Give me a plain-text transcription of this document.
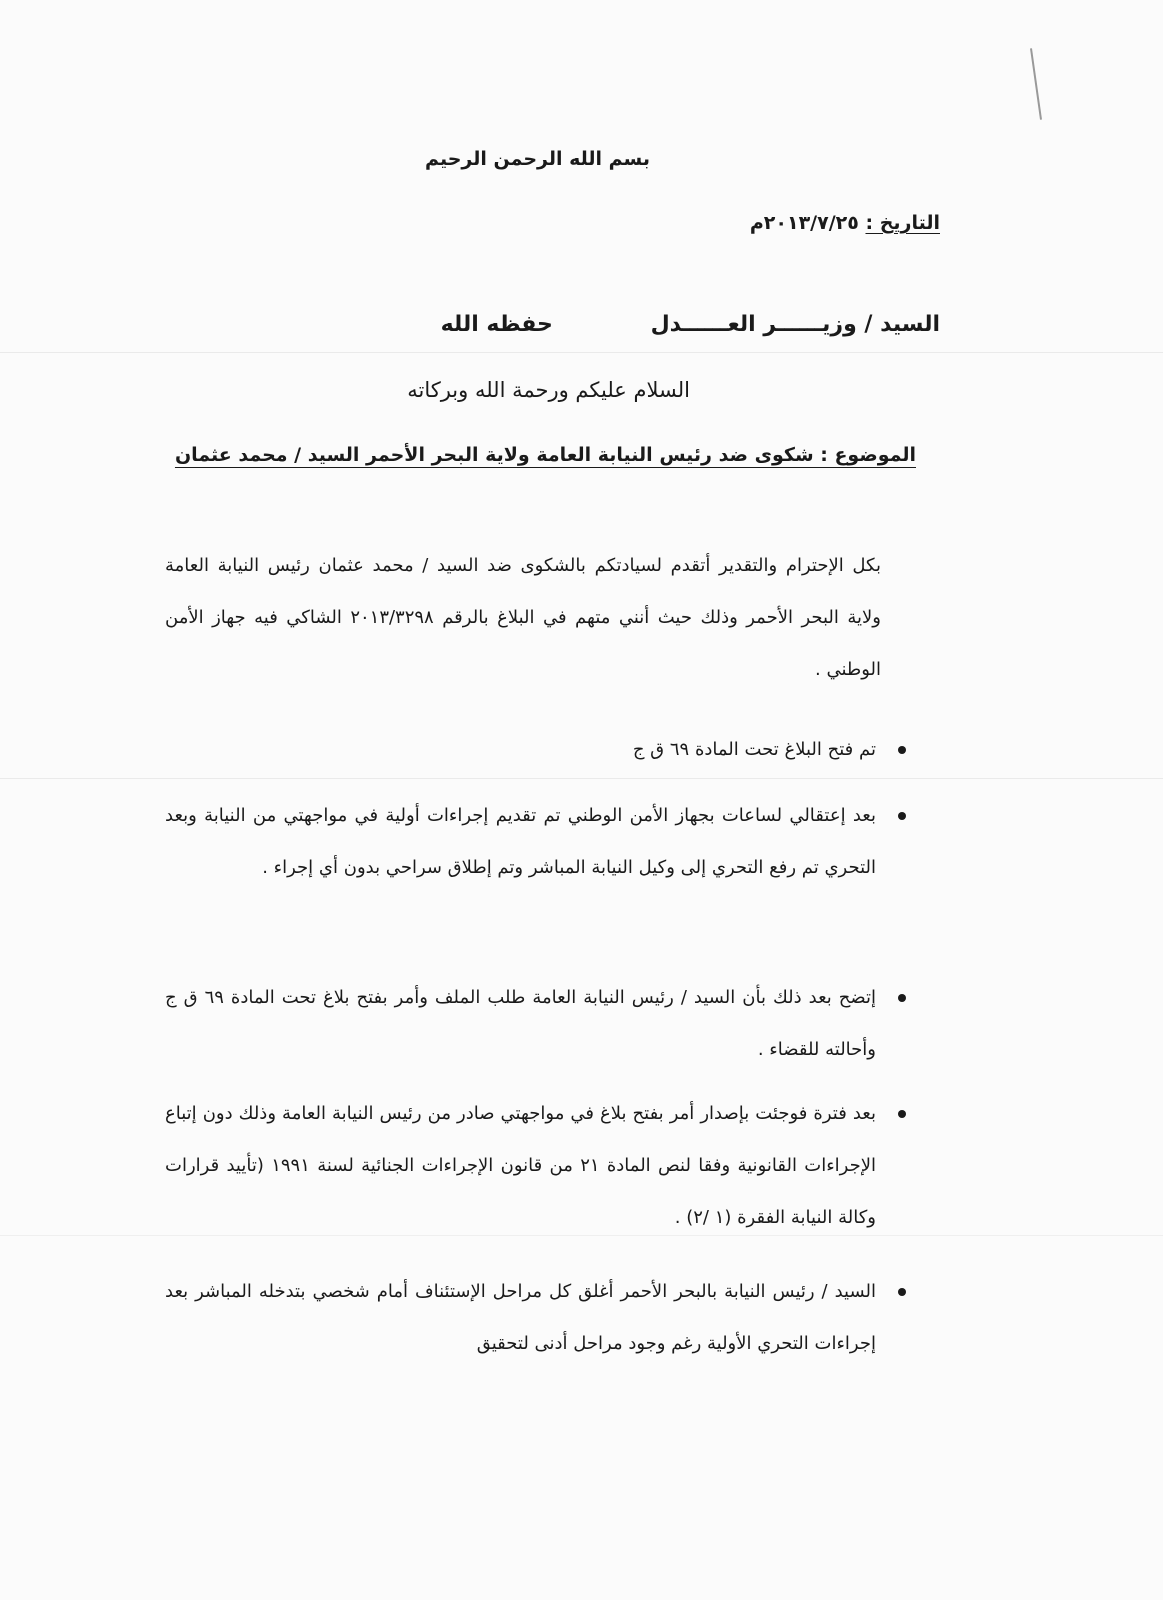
بسم الله الرحمن الرحيم
التاريخ : ٢٠١٣/٧/٢٥م
السيد / وزيــــــر العــــــدل حفظه الله
السلام عليكم ورحمة الله وبركاته
الموضوع : شكوى ضد رئيس النيابة العامة ولاية البحر الأحمر السيد / محمد عثمان
بكل الإحترام والتقدير أتقدم لسيادتكم بالشكوى ضد السيد / محمد عثمان رئيس النيابة العامة ولاية البحر الأحمر وذلك حيث أنني متهم في البلاغ بالرقم ٢٠١٣/٣٢٩٨ الشاكي فيه جهاز الأمن الوطني .
تم فتح البلاغ تحت المادة ٦٩ ق ج
بعد إعتقالي لساعات بجهاز الأمن الوطني تم تقديم إجراءات أولية في مواجهتي من النيابة وبعد التحري تم رفع التحري إلى وكيل النيابة المباشر وتم إطلاق سراحي بدون أي إجراء .
إتضح بعد ذلك بأن السيد / رئيس النيابة العامة طلب الملف وأمر بفتح بلاغ تحت المادة ٦٩ ق ج وأحالته للقضاء .
بعد فترة فوجئت بإصدار أمر بفتح بلاغ في مواجهتي صادر من رئيس النيابة العامة وذلك دون إتباع الإجراءات القانونية وفقا لنص المادة ٢١ من قانون الإجراءات الجنائية لسنة ١٩٩١ (تأييد قرارات وكالة النيابة الفقرة (١ /٢) .
السيد / رئيس النيابة بالبحر الأحمر أغلق كل مراحل الإستئناف أمام شخصي بتدخله المباشر بعد إجراءات التحري الأولية رغم وجود مراحل أدنى لتحقيق
